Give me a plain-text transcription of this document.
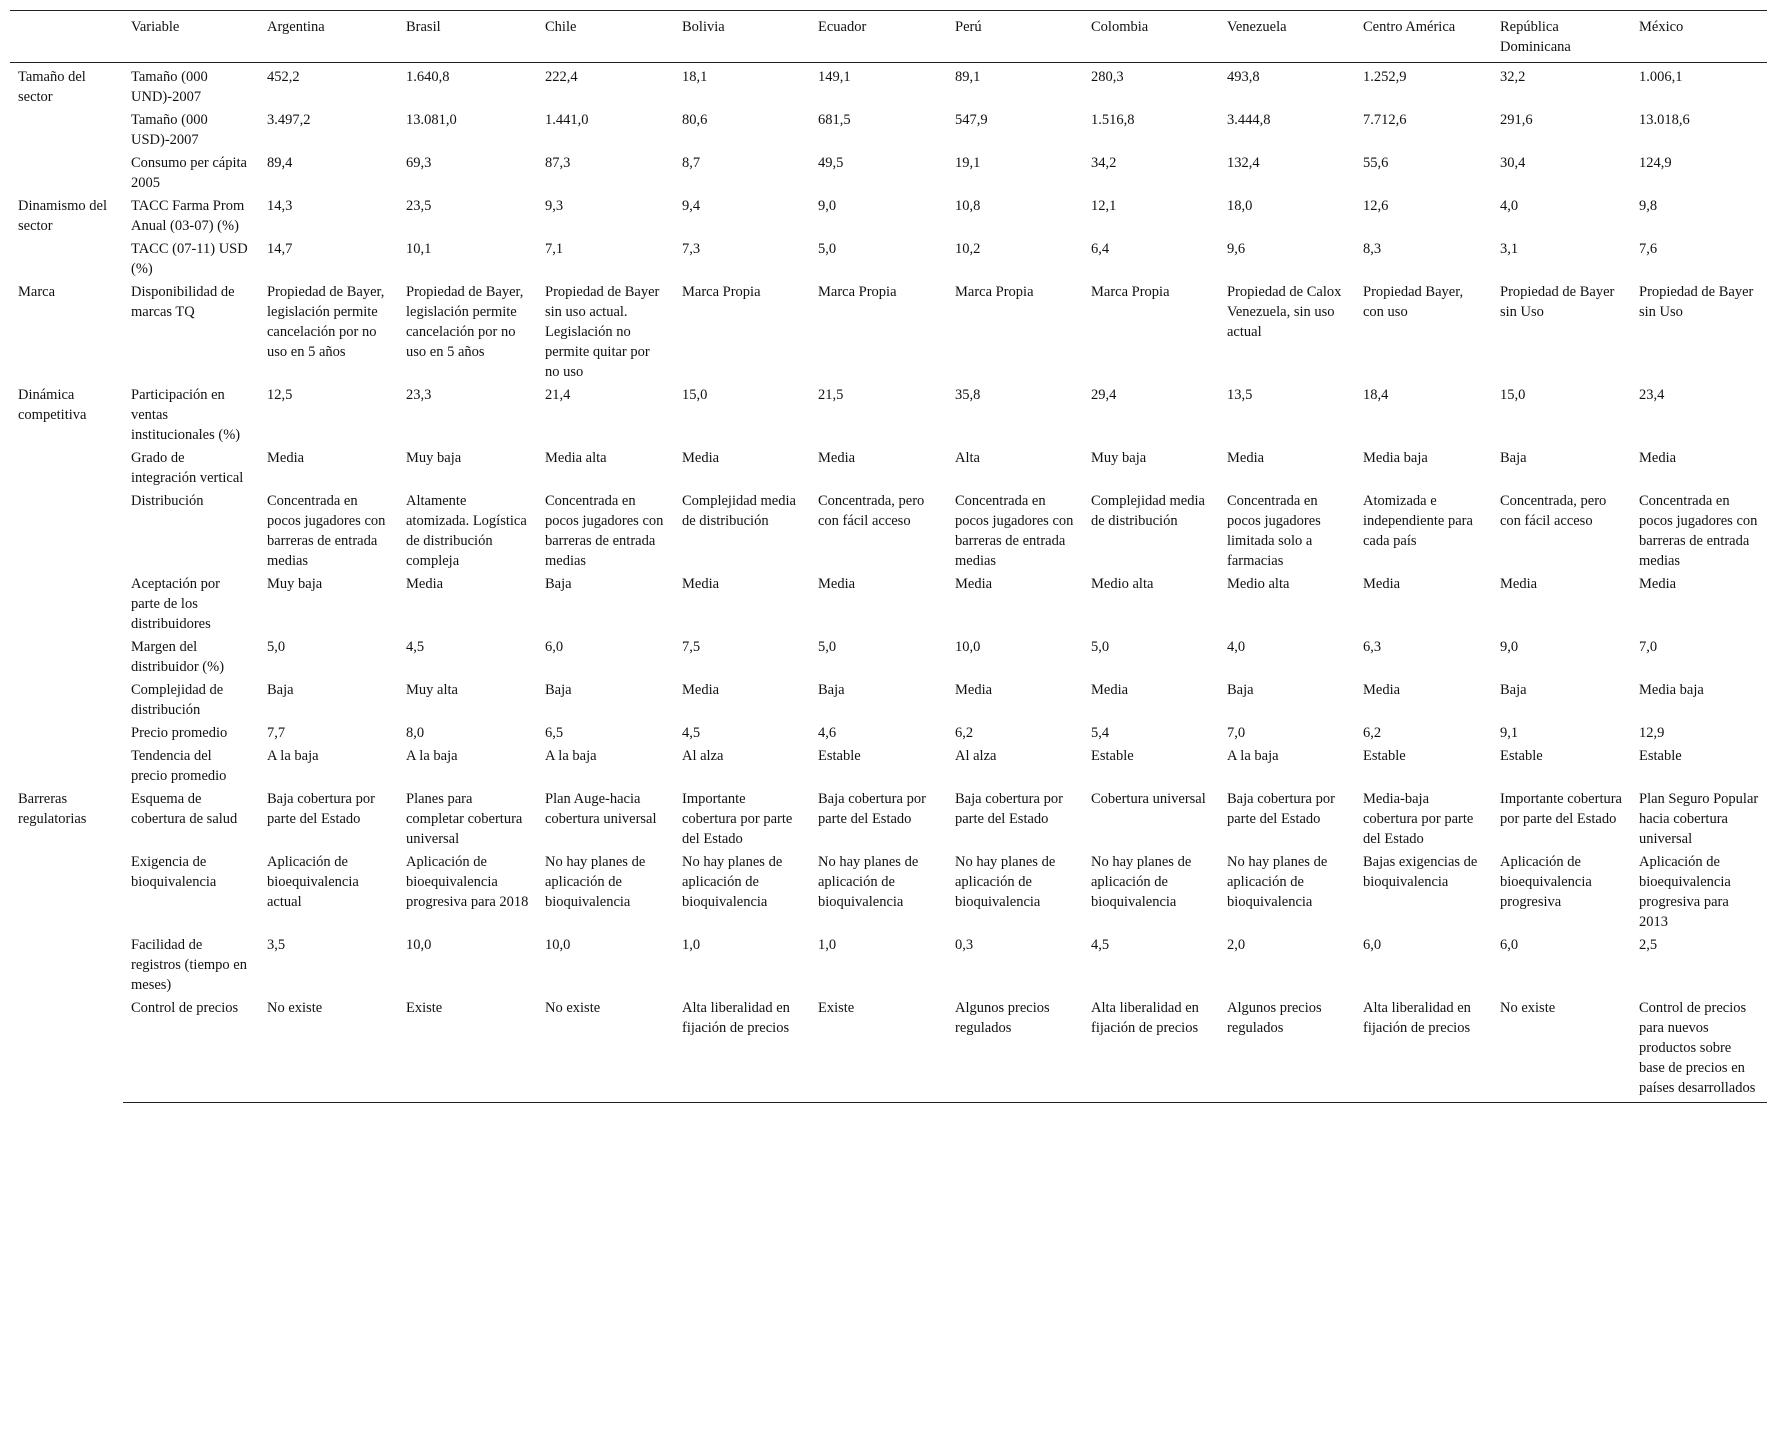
	Variable	Argentina	Brasil	Chile	Bolivia	Ecuador	Perú	Colombia	Venezuela	Centro América	República Dominicana	México
Tamaño del sector	Tamaño (000 UND)-2007	452,2	1.640,8	222,4	18,1	149,1	89,1	280,3	493,8	1.252,9	32,2	1.006,1
	Tamaño (000 USD)-2007	3.497,2	13.081,0	1.441,0	80,6	681,5	547,9	1.516,8	3.444,8	7.712,6	291,6	13.018,6
	Consumo per cápita 2005	89,4	69,3	87,3	8,7	49,5	19,1	34,2	132,4	55,6	30,4	124,9
Dinamismo del sector	TACC Farma Prom Anual (03-07) (%)	14,3	23,5	9,3	9,4	9,0	10,8	12,1	18,0	12,6	4,0	9,8
	TACC (07-11) USD (%)	14,7	10,1	7,1	7,3	5,0	10,2	6,4	9,6	8,3	3,1	7,6
Marca	Disponibilidad de marcas TQ	Propiedad de Bayer, legislación permite cancelación por no uso en 5 años	Propiedad de Bayer, legislación permite cancelación por no uso en 5 años	Propiedad de Bayer sin uso actual. Legislación no permite quitar por no uso	Marca Propia	Marca Propia	Marca Propia	Marca Propia	Propiedad de Calox Venezuela, sin uso actual	Propiedad Bayer, con uso	Propiedad de Bayer sin Uso	Propiedad de Bayer sin Uso
Dinámica competitiva	Participación en ventas institucionales (%)	12,5	23,3	21,4	15,0	21,5	35,8	29,4	13,5	18,4	15,0	23,4
	Grado de integración vertical	Media	Muy baja	Media alta	Media	Media	Alta	Muy baja	Media	Media baja	Baja	Media
	Distribución	Concentrada en pocos jugadores con barreras de entrada medias	Altamente atomizada. Logística de distribución compleja	Concentrada en pocos jugadores con barreras de entrada medias	Complejidad media de distribución	Concentrada, pero con fácil acceso	Concentrada en pocos jugadores con barreras de entrada medias	Complejidad media de distribución	Concentrada en pocos jugadores limitada solo a farmacias	Atomizada e independiente para cada país	Concentrada, pero con fácil acceso	Concentrada en pocos jugadores con barreras de entrada medias
	Aceptación por parte de los distribuidores	Muy baja	Media	Baja	Media	Media	Media	Medio alta	Medio alta	Media	Media	Media
	Margen del distribuidor (%)	5,0	4,5	6,0	7,5	5,0	10,0	5,0	4,0	6,3	9,0	7,0
	Complejidad de distribución	Baja	Muy alta	Baja	Media	Baja	Media	Media	Baja	Media	Baja	Media baja
	Precio promedio	7,7	8,0	6,5	4,5	4,6	6,2	5,4	7,0	6,2	9,1	12,9
	Tendencia del precio promedio	A la baja	A la baja	A la baja	Al alza	Estable	Al alza	Estable	A la baja	Estable	Estable	Estable
Barreras regulatorias	Esquema de cobertura de salud	Baja cobertura por parte del Estado	Planes para completar cobertura universal	Plan Auge-hacia cobertura universal	Importante cobertura por parte del Estado	Baja cobertura por parte del Estado	Baja cobertura por parte del Estado	Cobertura universal	Baja cobertura por parte del Estado	Media-baja cobertura por parte del Estado	Importante cobertura por parte del Estado	Plan Seguro Popular hacia cobertura universal
	Exigencia de bioquivalencia	Aplicación de bioequivalencia actual	Aplicación de bioequivalencia progresiva para 2018	No hay planes de aplicación de bioquivalencia	No hay planes de aplicación de bioquivalencia	No hay planes de aplicación de bioquivalencia	No hay planes de aplicación de bioquivalencia	No hay planes de aplicación de bioquivalencia	No hay planes de aplicación de bioquivalencia	Bajas exigencias de bioquivalencia	Aplicación de bioequivalencia progresiva	Aplicación de bioequivalencia progresiva para 2013
	Facilidad de registros (tiempo en meses)	3,5	10,0	10,0	1,0	1,0	0,3	4,5	2,0	6,0	6,0	2,5
	Control de precios	No existe	Existe	No existe	Alta liberalidad en fijación de precios	Existe	Algunos precios regulados	Alta liberalidad en fijación de precios	Algunos precios regulados	Alta liberalidad en fijación de precios	No existe	Control de precios para nuevos productos sobre base de precios en países desarrollados
